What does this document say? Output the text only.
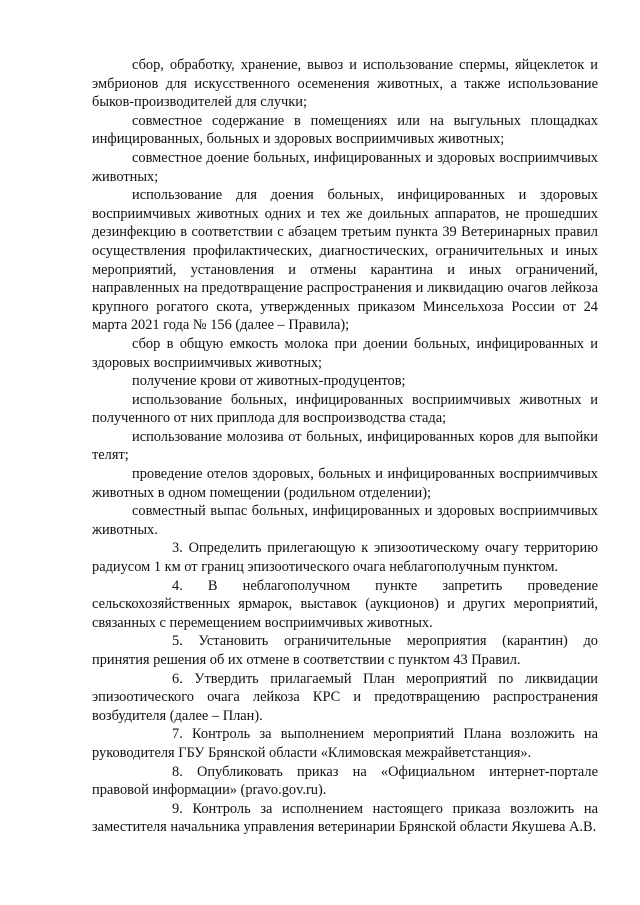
сбор, обработку, хранение, вывоз и использование спермы, яйцеклеток и эмбрионов для искусственного осеменения животных, а также использование быков-производителей для случки;

совместное содержание в помещениях или на выгульных площадках инфицированных, больных и здоровых восприимчивых животных;

совместное доение больных, инфицированных и здоровых восприимчивых животных;

использование для доения больных, инфицированных и здоровых восприимчивых животных одних и тех же доильных аппаратов, не прошедших дезинфекцию в соответствии с абзацем третьим пункта 39 Ветеринарных правил осуществления профилактических, диагностических, ограничительных и иных мероприятий, установления и отмены карантина и иных ограничений, направленных на предотвращение распространения и ликвидацию очагов лейкоза крупного рогатого скота, утвержденных приказом Минсельхоза России от 24 марта 2021 года № 156 (далее – Правила);

сбор в общую емкость молока при доении больных, инфицированных и здоровых восприимчивых животных;

получение крови от животных-продуцентов;

использование больных, инфицированных восприимчивых животных и полученного от них приплода для воспроизводства стада;

использование молозива от больных, инфицированных коров для выпойки телят;

проведение отелов здоровых, больных и инфицированных восприимчивых животных в одном помещении (родильном отделении);

совместный выпас больных, инфицированных и здоровых восприимчивых животных.

3. Определить прилегающую к эпизоотическому очагу территорию радиусом 1 км от границ эпизоотического очага неблагополучным пунктом.

4. В неблагополучном пункте запретить проведение сельскохозяйственных ярмарок, выставок (аукционов) и других мероприятий, связанных с перемещением восприимчивых животных.

5. Установить ограничительные мероприятия (карантин) до принятия решения об их отмене в соответствии с пунктом 43 Правил.

6. Утвердить прилагаемый План мероприятий по ликвидации эпизоотического очага лейкоза КРС и предотвращению распространения возбудителя (далее – План).

7. Контроль за выполнением мероприятий Плана возложить на руководителя ГБУ Брянской области «Климовская межрайветстанция».

8. Опубликовать приказ на «Официальном интернет-портале правовой информации» (pravo.gov.ru).

9. Контроль за исполнением настоящего приказа возложить на заместителя начальника управления ветеринарии Брянской области Якушева А.В.
